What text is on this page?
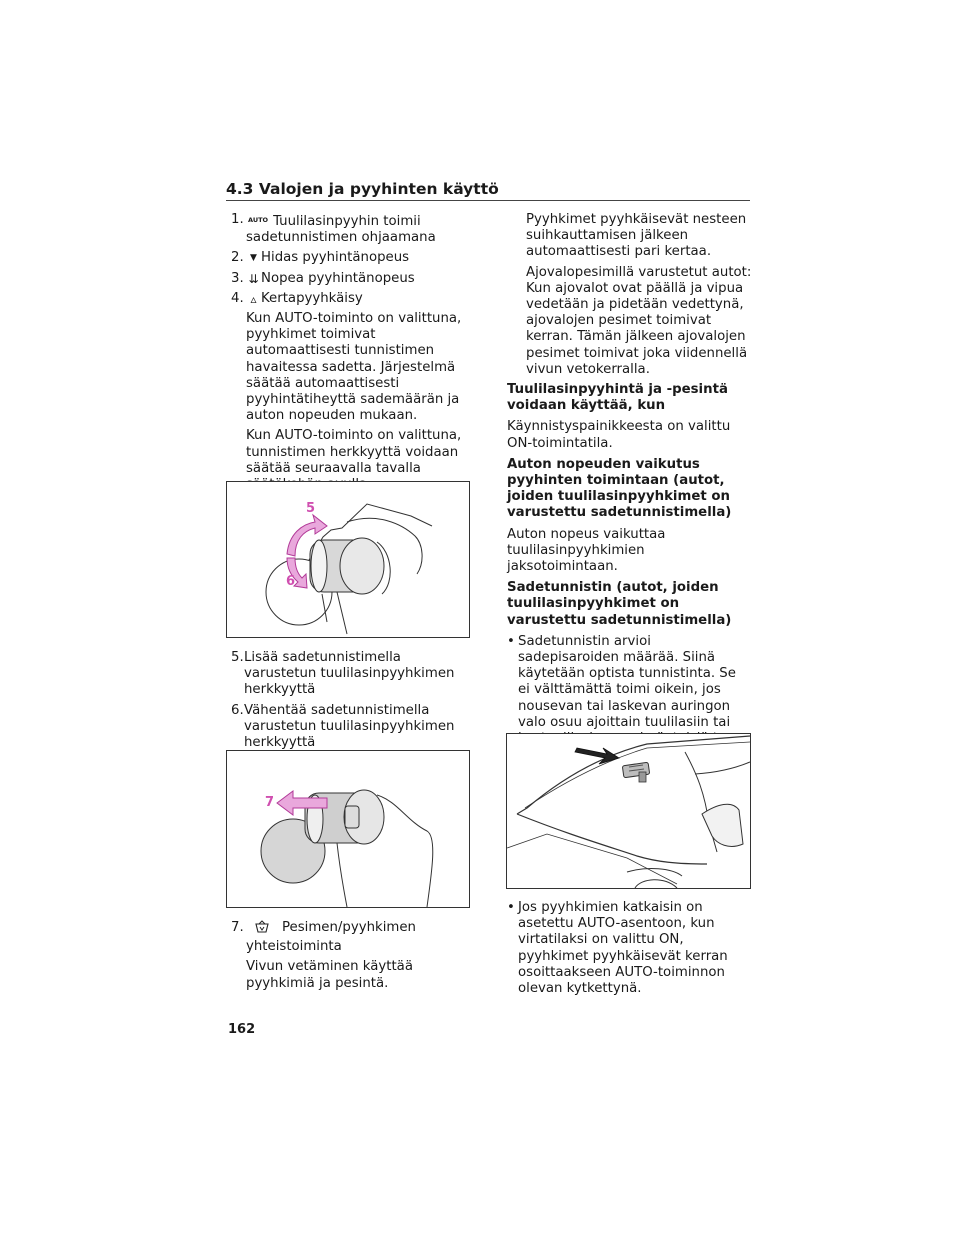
4.3 Valojen ja pyyhinten käyttö
1. $^{AUTO}$ Tuulilasinpyyhin toimii sadetunnistimen ohjaamana
2. ▼ Hidas pyyhintänopeus
3. ⇊ Nopea pyyhintänopeus
4. ▵ Kertapyyhkäisy
Kun AUTO-toiminto on valittuna, pyyhkimet toimivat automaattisesti tunnistimen havaitessa sadetta. Järjestelmä säätää automaattisesti pyyhintätiheyttä sademäärän ja auton nopeuden mukaan.
Kun AUTO-toiminto on valittuna, tunnistimen herkkyyttä voidaan säätää seuraavalla tavalla
5
6
5. Lisää sadetunnistimella varustetun tuulilasinpyyhkimen herkkyyttä
6. Vähentää sadetunnistimella varustetun tuulilasinpyyhkimen herkkyyttä
7
7.	Pesimen/pyyhkimen yhteistoiminta
Vivun vetäminen käyttää pyyhkimiä ja pesintä.
Pyyhkimet pyyhkäisevät nesteen suihkauttamisen jälkeen automaattisesti pari kertaa.
Ajovalopesimillä varustetut autot: Kun ajovalot ovat päällä ja vipua vedetään ja pidetään vedettynä, ajovalojen pesimet toimivat kerran. Tämän jälkeen ajovalojen pesimet toimivat joka viidennellä vivun vetokerralla.
Tuulilasinpyyhintä ja -pesintä voidaan käyttää, kun
Käynnistyspainikkeesta on valittu ON-toimintatila.
Auton nopeuden vaikutus pyyhinten toimintaan (autot, joiden tuulilasinpyyhkimet on varustettu sadetunnistimella)
Auton nopeus vaikuttaa tuulilasinpyyhkimien jaksotoimintaan.
Sadetunnistin (autot, joiden tuulilasinpyyhkimet on varustettu sadetunnistimella)
• Sadetunnistin arvioi sadepisaroiden määrää. Siinä käytetään optista tunnistinta. Se ei välttämättä toimi oikein, jos nousevan tai laskevan auringon valo osuu ajoittain tuulilasiin tai
• Jos pyyhkimien katkaisin on asetettu AUTO-asentoon, kun virtatilaksi on valittu ON, pyyhkimet pyyhkäisevät kerran osoittaakseen AUTO-toiminnon olevan kytkettynä.
162
